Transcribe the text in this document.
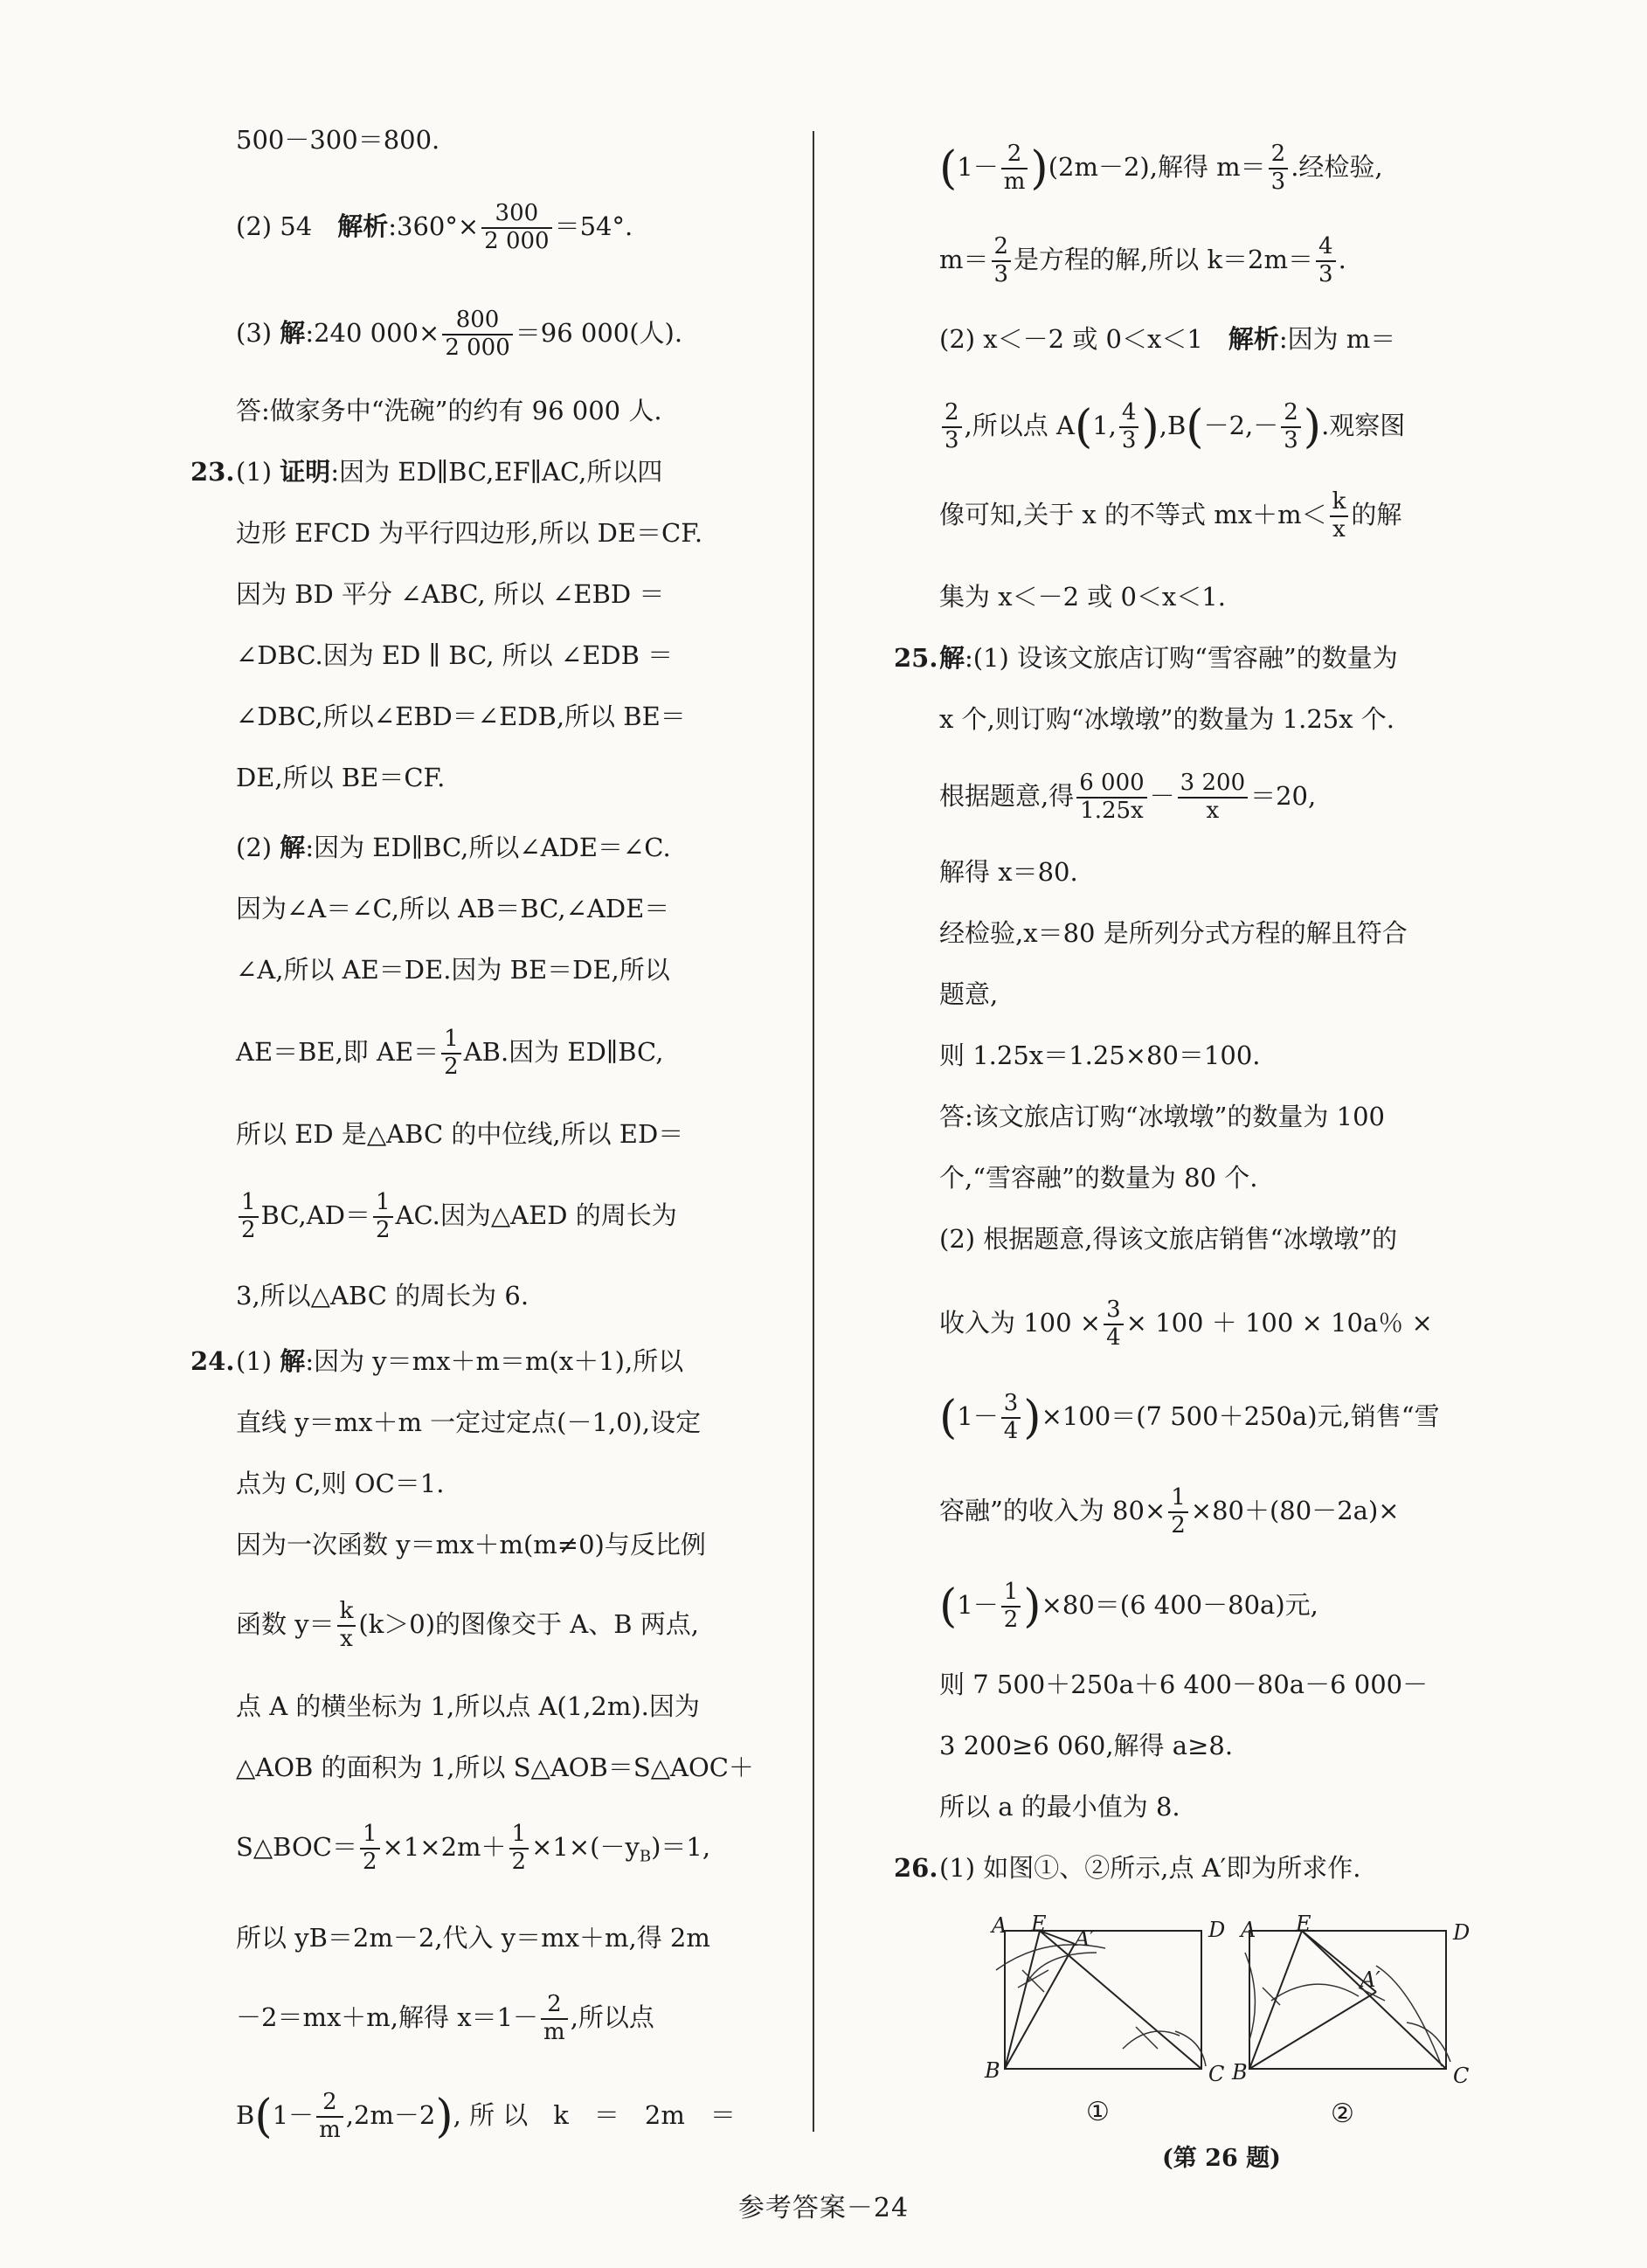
500－300＝800.
(2) 54　解析:360°× $\frac{300}{2 000} =54^\circ$.
(3) 解:240 $000\times \frac{800}{2 000} =96$ 000(人).
答:做家务中“洗碗”的约有 96 000 人.
23. (1) 证明:因为 ED∥BC,EF∥AC,所以四
边形 EFCD 为平行四边形,所以 DE＝CF.
因为 BD 平分 ∠ABC, 所以 ∠EBD ＝
∠DBC.因为 ED ∥ BC, 所以 ∠EDB ＝
∠DBC,所以∠EBD＝∠EDB,所以 BE＝
DE,所以 BE＝CF.
(2) 解:因为 ED∥BC,所以∠ADE＝∠C.
因为∠A＝∠C,所以 AB＝BC,∠ADE＝
∠A,所以 AE＝DE.因为 BE＝DE,所以
AE＝BE,即 $AE= \frac{1}{2}$ AB.因为 ED∥BC,
所以 ED 是△ABC 的中位线,所以 ED＝
$\frac{1}{2} BC,AD= \frac{1}{2}$ AC.因为△AED 的周长为
3,所以△ABC 的周长为 6.
24. (1) 解:因为 y＝mx＋m＝m(x＋1),所以
直线 y＝mx＋m 一定过定点(－1,0),设定
点为 C,则 OC＝1.
因为一次函数 y＝mx＋m(m≠0)与反比例
函数 $y= \frac{k}{x} (k>0)$的图像交于 A、B 两点,
点 A 的横坐标为 1,所以点 A(1,2m).因为
△AOB 的面积为 1,所以 S△AOB＝S△AOC＋
S△BOC＝ $\frac{1}{2} \times 1\times 2m+ \frac{1}{2} \times 1\times(-y_B)=1$,
所以 yB＝2m－2,代入 y＝mx＋m,得 2m
－2＝mx＋m,解得 $x=1- \frac{2}{m}$ ,所以点
$B(1- \frac{2}{m} ,2m-2)$, 所 以　k　＝　2m　＝
$(1- \frac{2}{m} )(2m-2)$,解得 $m= \frac{2}{3}$ .经检验,
$m= \frac{2}{3}$ 是方程的解,所以 $k=2m= \frac{4}{3}$ .
(2) x＜－2 或 0＜x＜1　解析:因为 m＝
$\frac{2}{3}$ ,所以点 A(1, $\frac{4}{3} ),B(-2,- \frac{2}{3}$ ).观察图
像可知,关于 x 的不等式 $mx+m< \frac{k}{x}$ 的解
集为 x＜－2 或 0＜x＜1.
25. 解:(1) 设该文旅店订购“雪容融”的数量为
x 个,则订购“冰墩墩”的数量为 1.25x 个.
根据题意,得 $\frac{6 000}{1.25x} - \frac{3 200}{x} =20$,
解得 x＝80.
经检验,x＝80 是所列分式方程的解且符合
题意,
则 1.25x＝1.25×80＝100.
答:该文旅店订购“冰墩墩”的数量为 100
个,“雪容融”的数量为 80 个.
(2) 根据题意,得该文旅店销售“冰墩墩”的
收入为 $100 \times \frac{3}{4} \times 100 + 100 \times 10a$％ ×
$(1- \frac{3}{4} )\times 100=(7$ 500＋250a)元,销售“雪
容融”的收入为 $80\times \frac{1}{2} \times 80+(80-2a)\times$
$(1- \frac{1}{2} )\times 80=(6$ 400－80a)元,
则 7 500＋250a＋6 400－80a－6 000－
3 200≥6 060,解得 a≥8.
所以 a 的最小值为 8.
26. (1) 如图①、②所示,点 A′即为所求作.
A E
A′	D
B	C
①
A E
A′
D
B	C
②
(第 26 题)
参考答案－24
